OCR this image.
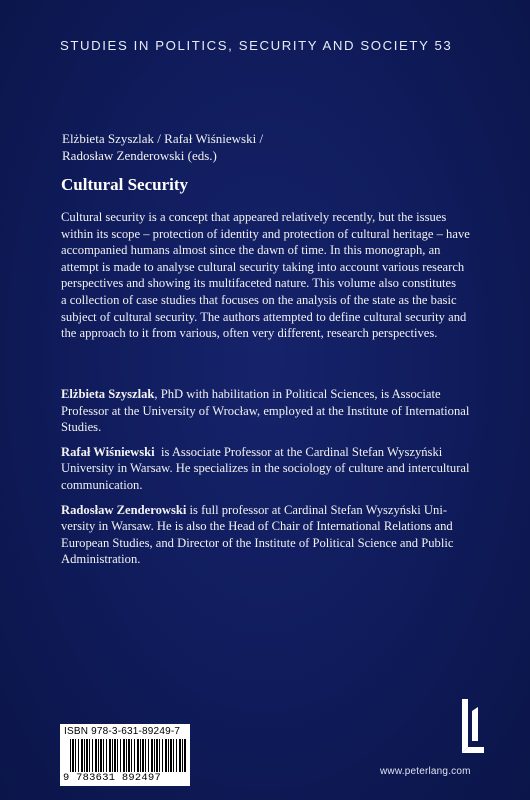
STUDIES IN POLITICS, SECURITY AND SOCIETY 53
Elżbieta Szyszlak / Rafał Wiśniewski /
Radosław Zenderowski (eds.)
Cultural Security
Cultural security is a concept that appeared relatively recently, but the issues
within its scope – protection of identity and protection of cultural heritage – have
accompanied humans almost since the dawn of time. In this monograph, an
attempt is made to analyse cultural security taking into account various research
perspectives and showing its multifaceted nature. This volume also constitutes
a collection of case studies that focuses on the analysis of the state as the basic
subject of cultural security. The authors attempted to define cultural security and
the approach to it from various, often very different, research perspectives.
Elżbieta Szyszlak, PhD with habilitation in Political Sciences, is Associate
Professor at the University of Wrocław, employed at the Institute of International
Studies.
Rafał Wiśniewski  is Associate Professor at the Cardinal Stefan Wyszyński
University in Warsaw. He specializes in the sociology of culture and intercultural
communication.
Radosław Zenderowski is full professor at Cardinal Stefan Wyszyński Uni-
versity in Warsaw. He is also the Head of Chair of International Relations and
European Studies, and Director of the Institute of Political Science and Public
Administration.
ISBN 978-3-631-89249-7
9 783631 892497
www.peterlang.com
